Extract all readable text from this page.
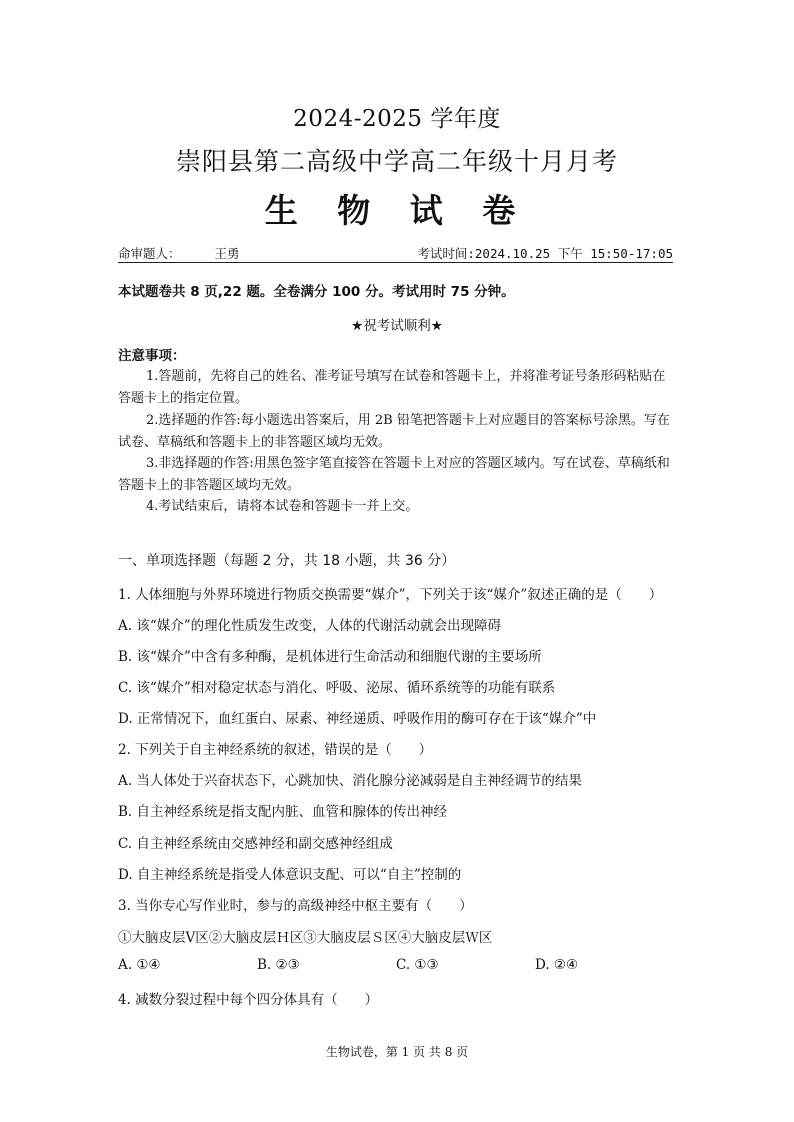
2024-2025 学年度
崇阳县第二高级中学高二年级十月月考
生 物 试 卷
命审题人：	王勇	考试时间:2024.10.25 下午 15:50-17:05
本试题卷共 8 页,22 题。全卷满分 100 分。考试用时 75 分钟。
★祝考试顺利★
注意事项：
1.答题前，先将自己的姓名、准考证号填写在试卷和答题卡上，并将准考证号条形码粘贴在答题卡上的指定位置。
2.选择题的作答:每小题选出答案后，用 2B 铅笔把答题卡上对应题目的答案标号涂黑。写在试卷、草稿纸和答题卡上的非答题区域均无效。
3.非选择题的作答:用黑色签字笔直接答在答题卡上对应的答题区域内。写在试卷、草稿纸和答题卡上的非答题区域均无效。
4.考试结束后，请将本试卷和答题卡一并上交。
一、单项选择题（每题 2 分，共 18 小题，共 36 分）
1. 人体细胞与外界环境进行物质交换需要“媒介”，下列关于该“媒介”叙述正确的是（　　）
A. 该“媒介”的理化性质发生改变，人体的代谢活动就会出现障碍
B. 该“媒介”中含有多种酶，是机体进行生命活动和细胞代谢的主要场所
C. 该“媒介”相对稳定状态与消化、呼吸、泌尿、循环系统等的功能有联系
D. 正常情况下，血红蛋白、尿素、神经递质、呼吸作用的酶可存在于该“媒介”中
2. 下列关于自主神经系统的叙述，错误的是（　　）
A. 当人体处于兴奋状态下，心跳加快、消化腺分泌减弱是自主神经调节的结果
B. 自主神经系统是指支配内脏、血管和腺体的传出神经
C. 自主神经系统由交感神经和副交感神经组成
D. 自主神经系统是指受人体意识支配、可以“自主”控制的
3. 当你专心写作业时，参与的高级神经中枢主要有（　　）
①大脑皮层Ⅴ区②大脑皮层Ｈ区③大脑皮层Ｓ区④大脑皮层Ｗ区
A. ①④	B. ②③	C. ①③	D. ②④
4. 减数分裂过程中每个四分体具有（　　）
生物试卷，第 1 页 共 8 页
